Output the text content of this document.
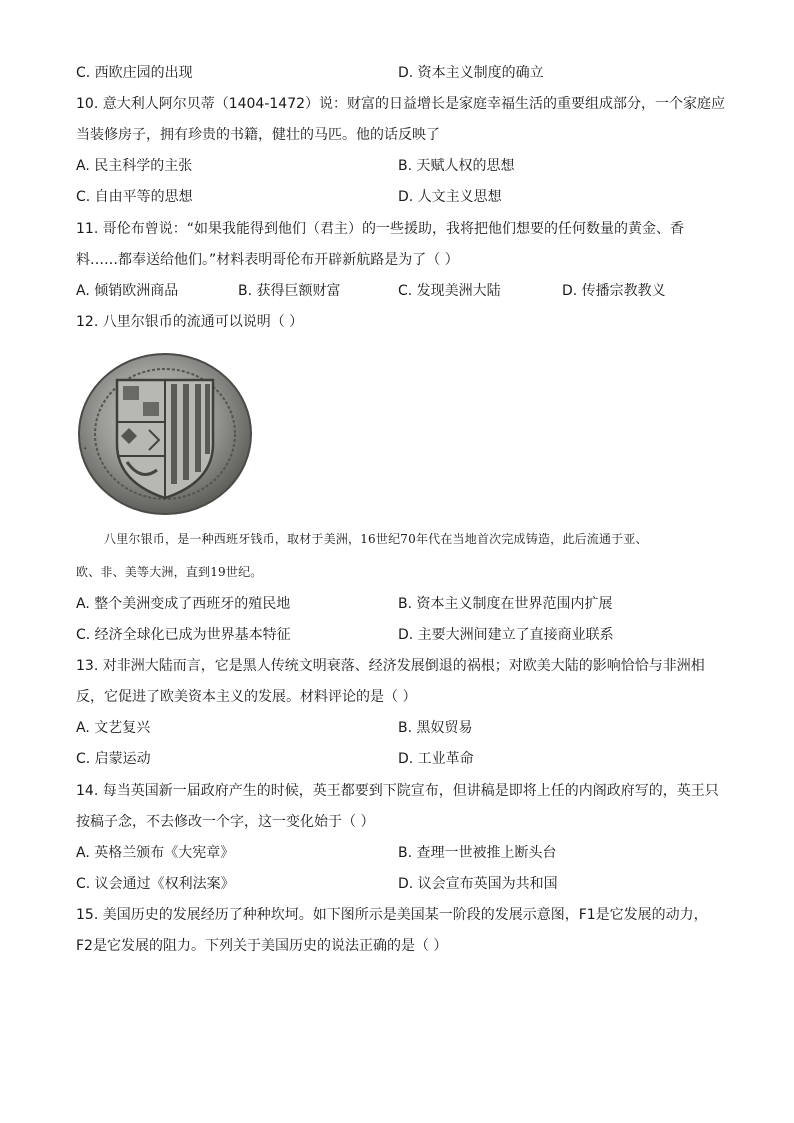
C. 西欧庄园的出现	D. 资本主义制度的确立
10. 意大利人阿尔贝蒂（1404-1472）说：财富的日益增长是家庭幸福生活的重要组成部分，一个家庭应
当装修房子，拥有珍贵的书籍，健壮的马匹。他的话反映了
A. 民主科学的主张	B. 天赋人权的思想
C. 自由平等的思想	D. 人文主义思想
11. 哥伦布曾说：“如果我能得到他们（君主）的一些援助，我将把他们想要的任何数量的黄金、香
料……都奉送给他们。”材料表明哥伦布开辟新航路是为了（ ）
A. 倾销欧洲商品	B. 获得巨额财富	C. 发现美洲大陆	D. 传播宗教教义
12. 八里尔银币的流通可以说明（ ）
·
八里尔银币，是一种西班牙钱币，取材于美洲，16世纪70年代在当地首次完成铸造，此后流通于亚、
欧、非、美等大洲，直到19世纪。
A. 整个美洲变成了西班牙的殖民地	B. 资本主义制度在世界范围内扩展
C. 经济全球化已成为世界基本特征	D. 主要大洲间建立了直接商业联系
13. 对非洲大陆而言，它是黑人传统文明衰落、经济发展倒退的祸根；对欧美大陆的影响恰恰与非洲相
反，它促进了欧美资本主义的发展。材料评论的是（ ）
A. 文艺复兴	B. 黑奴贸易
C. 启蒙运动	D. 工业革命
14. 每当英国新一届政府产生的时候，英王都要到下院宣布，但讲稿是即将上任的内阁政府写的，英王只
按稿子念，不去修改一个字，这一变化始于（ ）
A. 英格兰颁布《大宪章》	B. 查理一世被推上断头台
C. 议会通过《权利法案》	D. 议会宣布英国为共和国
15. 美国历史的发展经历了种种坎坷。如下图所示是美国某一阶段的发展示意图，F1是它发展的动力，
F2是它发展的阻力。下列关于美国历史的说法正确的是（ ）
